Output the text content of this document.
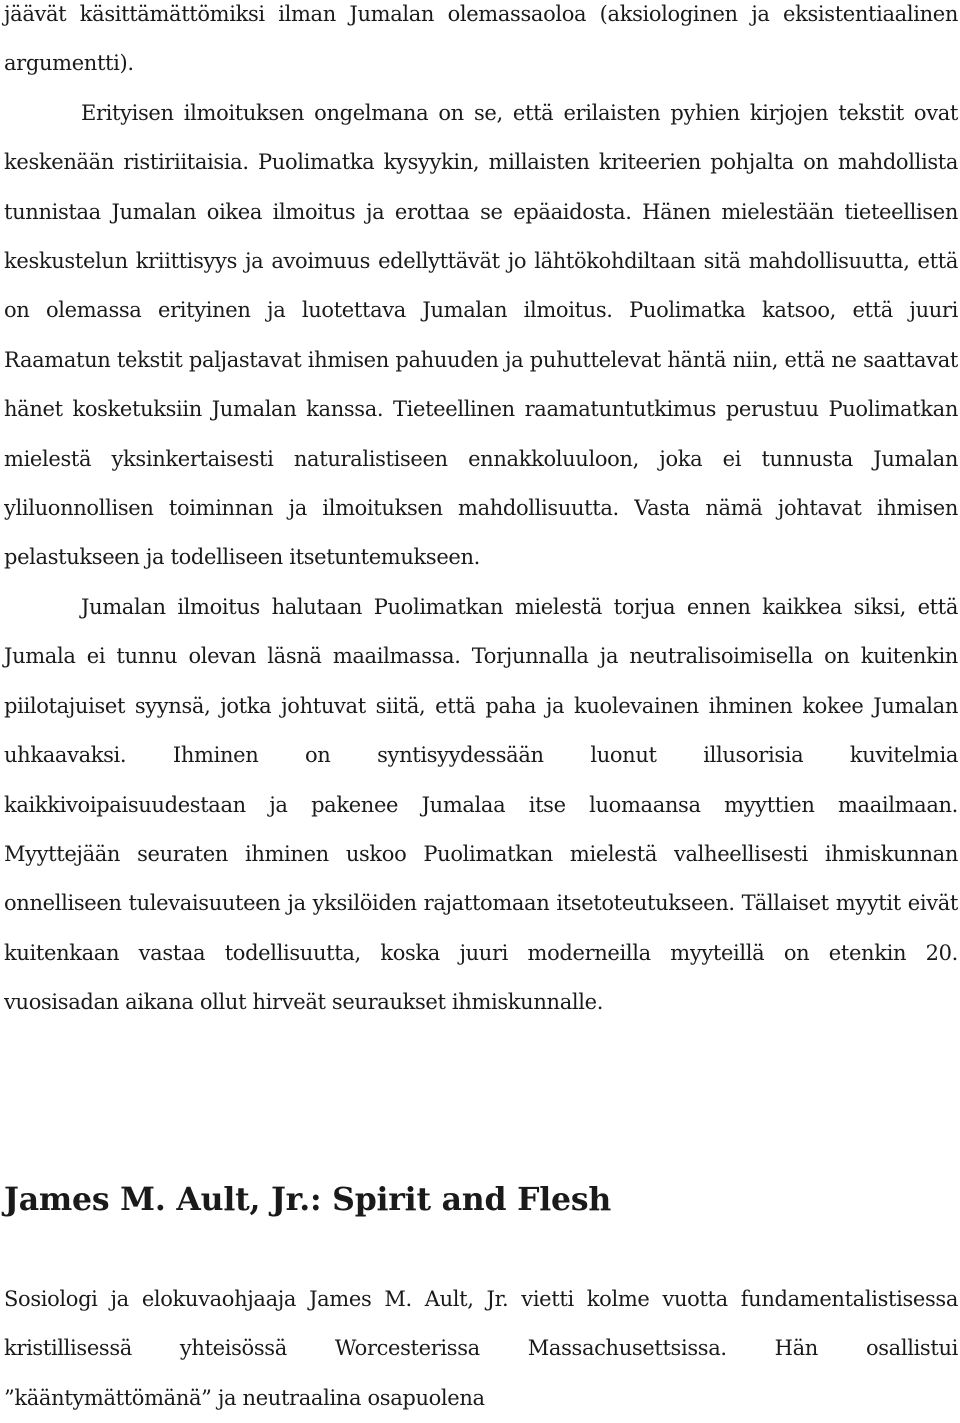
jäävät käsittämättömiksi ilman Jumalan olemassaoloa (aksiologinen ja eksistentiaalinen argumentti).

Erityisen ilmoituksen ongelmana on se, että erilaisten pyhien kirjojen tekstit ovat keskenään ristiriitaisia. Puolimatka kysyykin, millaisten kriteerien pohjalta on mahdollista tunnistaa Jumalan oikea ilmoitus ja erottaa se epäaidosta. Hänen mielestään tieteellisen keskustelun kriittisyys ja avoimuus edellyttävät jo lähtökohdiltaan sitä mahdollisuutta, että on olemassa erityinen ja luotettava Jumalan ilmoitus. Puolimatka katsoo, että juuri Raamatun tekstit paljastavat ihmisen pahuuden ja puhuttelevat häntä niin, että ne saattavat hänet kosketuksiin Jumalan kanssa. Tieteellinen raamatuntutkimus perustuu Puolimatkan mielestä yksinkertaisesti naturalistiseen ennakkoluuloon, joka ei tunnusta Jumalan yliluonnollisen toiminnan ja ilmoituksen mahdollisuutta. Vasta nämä johtavat ihmisen pelastukseen ja todelliseen itsetuntemukseen.

Jumalan ilmoitus halutaan Puolimatkan mielestä torjua ennen kaikkea siksi, että Jumala ei tunnu olevan läsnä maailmassa. Torjunnalla ja neutralisoimisella on kuitenkin piilotajuiset syynsä, jotka johtuvat siitä, että paha ja kuolevainen ihminen kokee Jumalan uhkaavaksi. Ihminen on syntisyydessään luonut illusorisia kuvitelmia kaikkivoipaisuudestaan ja pakenee Jumalaa itse luomaansa myyttien maailmaan. Myyttejään seuraten ihminen uskoo Puolimatkan mielestä valheellisesti ihmiskunnan onnelliseen tulevaisuuteen ja yksilöiden rajattomaan itsetoteutukseen. Tällaiset myytit eivät kuitenkaan vastaa todellisuutta, koska juuri moderneilla myyteillä on etenkin 20. vuosisadan aikana ollut hirveät seuraukset ihmiskunnalle.

James M. Ault, Jr.: Spirit and Flesh

Sosiologi ja elokuvaohjaaja James M. Ault, Jr. vietti kolme vuotta fundamentalistisessa kristillisessä yhteisössä Worcesterissa Massachusettsissa. Hän osallistui ”kääntymättömänä” ja neutraalina osapuolena
